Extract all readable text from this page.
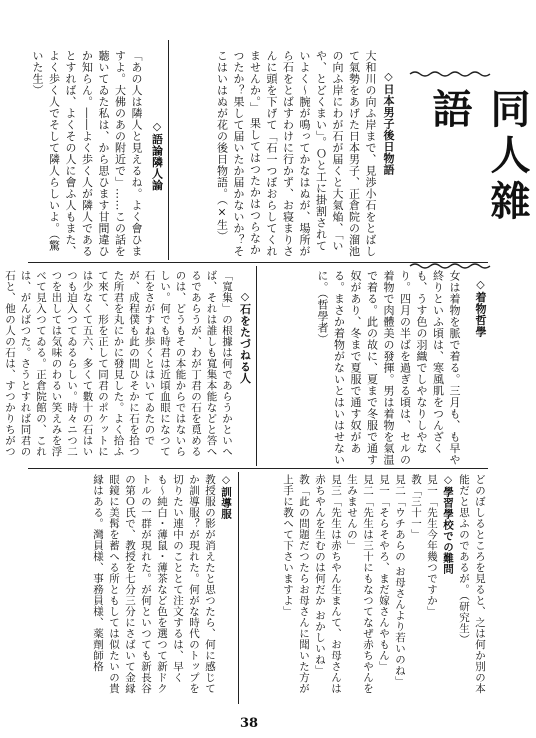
同人雜語
◇日本男子後日物語
大和川の向ふ岸まで、見渉小石をとばして氣勢をあげた日本男子、正倉院の溜池の向ふ岸にわが石が届くと大氣焔、「いや、とどくまい」。Ｏと工に掛割されていよく〜腕が鳴ってかなはぬが、場所がら石をとばすわけに行かず、お寝まりさんに頭を下げて「石一つぼおらしてくれませんか。」 果してはつたかはつらなかつたか？果して届いたか届かないか？そこはいはぬが花の後日物語。（×生）
◇語論隣人論
「あの人は隣人と見えるね。よく會ひますよ。大佛のあの附近で」……この話を聽いてゐた私は、から思ひます甘間違ひか知らん。――よく歩く人が隣人であるとすれば、よくその人に會ふ人もまた、よく歩く人でそして隣人らしいよ。（驚いた生）
◇着物哲學
女は着物を脈で着る。三月も、も早や終りといふ頃は、寒風肌をつんざくも、うす色の羽織でしやなりしやなり。四月の半ばを過ぎる頃は、セルの着物で肉體美の發揮。男は着物を氣温で着る。此の故に、夏まで冬服で通す奴があり、冬まで夏服で通す奴がある。まさか着物がないとはいはせないに。（哲學者）
◇石をたづねる人
「寬集」の根據は何であらうかといへば、それは誰しも寬集本能などと答へるであらうが、わが丁君の石を覓めるのは、どうもその本能からではないらしい。何でも時君は近頃血眼になつて石をさがすね歩くとはいてゐたのでが、成程僕も此の間ひそかに石を拾つた所君を丸にかに發見した。よく拾ふて來て、形を正して同君のポケットには少なくて五六、多くて數十の石はいつも迫入つてゐるらしい。時々ニつ二つを出しては気味のわるい笑えみを浮べて見入つてゐる。正倉院館の、これは、がんばつた。さうとすれば同君の石と、他の人の石は、すつかりちがつ
どのぼしるところを見ると、之は何か別の本能だと思ふのであるが。（研究生）
◇學習學校での難問
見一「先生今年幾つですか」
教「三十一」
見二「ウチあらの お母さんより若いのね」
見一「そらそやろ、まだ嫁さんやもん」
見二「先生は三十にもなつてなぜ赤ちやんを生みませんの」
見三「先生は赤ちやん生まんて、お母さんは赤ちやんを生むのは何だか おかしいね」
教「此の問題だつたらお母さんに聞いた方が上手に教へて下さいますよ」
◇訓導服
教授服の影が消えたと思つたら、何に感じてか訓導服？が現れた。何がな時代のトップを切りたい連中のこととて注文するは、早くも〜純白・薄鼠・薄茶など色を選つて新ドクトルの一群が現れた。が何といつても新長谷の第Ｏ氏で、教授を七分三分にさばいて金縁眼鏡に美髯を蓄へる所ともしては似たいの貴縁はある。灣員様、事務員様、薬劑師格
38
